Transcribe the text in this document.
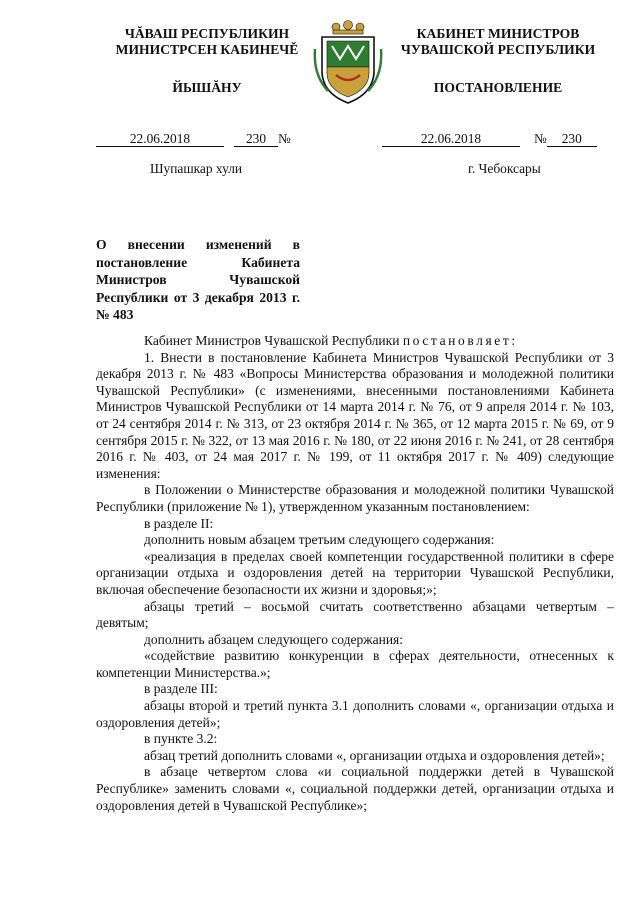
ЧĂВАШ РЕСПУБЛИКИН
МИНИСТРСЕН КАБИНЕЧĚ
ЙЫШĂНУ
КАБИНЕТ МИНИСТРОВ
ЧУВАШСКОЙ РЕСПУБЛИКИ
ПОСТАНОВЛЕНИЕ
22.06.2018	230 №	22.06.2018	№ 230
Шупашкар хули	г. Чебоксары
О внесении изменений в постановление Кабинета Министров Чувашской Республики от 3 декабря 2013 г. № 483

Кабинет Министров Чувашской Республики постановляет:

1. Внести в постановление Кабинета Министров Чувашской Республики от 3 декабря 2013 г. № 483 «Вопросы Министерства образования и молодежной политики Чувашской Республики» (с изменениями, внесенными постановлениями Кабинета Министров Чувашской Республики от 14 марта 2014 г. № 76, от 9 апреля 2014 г. № 103, от 24 сентября 2014 г. № 313, от 23 октября 2014 г. № 365, от 12 марта 2015 г. № 69, от 9 сентября 2015 г. № 322, от 13 мая 2016 г. № 180, от 22 июня 2016 г. № 241, от 28 сентября 2016 г. № 403, от 24 мая 2017 г. № 199, от 11 октября 2017 г. № 409) следующие изменения:

в Положении о Министерстве образования и молодежной политики Чувашской Республики (приложение № 1), утвержденном указанным постановлением:

в разделе II:

дополнить новым абзацем третьим следующего содержания:

«реализация в пределах своей компетенции государственной политики в сфере организации отдыха и оздоровления детей на территории Чувашской Республики, включая обеспечение безопасности их жизни и здоровья;»;

абзацы третий – восьмой считать соответственно абзацами четвертым – девятым;

дополнить абзацем следующего содержания:

«содействие развитию конкуренции в сферах деятельности, отнесенных к компетенции Министерства.»;

в разделе III:

абзацы второй и третий пункта 3.1 дополнить словами «, организации отдыха и оздоровления детей»;

в пункте 3.2:

абзац третий дополнить словами «, организации отдыха и оздоровления детей»;

в абзаце четвертом слова «и социальной поддержки детей в Чувашской Республике» заменить словами «, социальной поддержки детей, организации отдыха и оздоровления детей в Чувашской Республике»;
